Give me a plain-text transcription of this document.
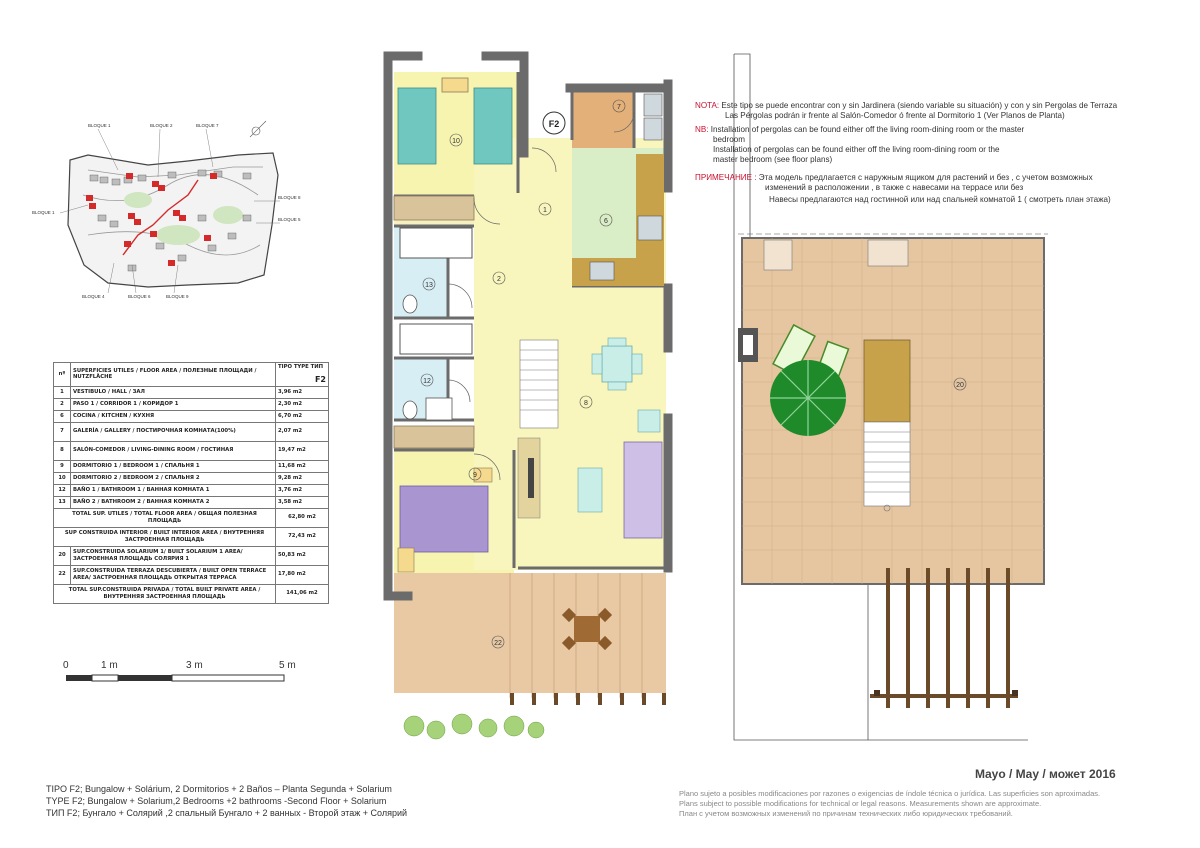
BLOQUE 1	BLOQUE 2	BLOQUE 7
BLOQUE 1
BLOQUE 8
BLOQUE 5
BLOQUE 4	BLOQUE 6	BLOQUE 9
nº	SUPERFICIES UTILES / FLOOR AREA / ПОЛЕЗНЫЕ ПЛОЩАДИ / NUTZFLÄCHE	TIPO TYPE ТИП
F2

1	VESTIBULO / HALL / ЗАЛ	3,96 m2
2	PASO 1 / CORRIDOR 1 / КОРИДОР 1	2,30 m2
6	COCINA / KITCHEN / КУХНЯ	6,70 m2
7	GALERÍA / GALLERY / ПОСТИРОЧНАЯ КОМНАТА(100%)	2,07 m2
8	SALÓN-COMEDOR / LIVING-DINING ROOM / ГОСТИНАЯ	19,47 m2
9	DORMITORIO 1 / BEDROOM 1 / СПАЛЬНЯ 1	11,68 m2
10	DORMITORIO 2 / BEDROOM 2 / СПАЛЬНЯ 2	9,28 m2
12	BAÑO 1 / BATHROOM 1 / ВАННАЯ КОМНАТА 1	3,76 m2
13	BAÑO 2 / BATHROOM 2 / ВАННАЯ КОМНАТА 2	3,58 m2
TOTAL SUP. UTILES / TOTAL FLOOR AREA / ОБЩАЯ ПОЛЕЗНАЯ ПЛОЩАДЬ		62,80 m2
SUP CONSTRUIDA INTERIOR / BUILT INTERIOR AREA / ВНУТРЕННЯЯ ЗАСТРОЕННАЯ ПЛОЩАДЬ		72,43 m2
20	SUP.CONSTRUIDA SOLARIUM 1/ BUILT SOLARIUM 1 AREA/ ЗАСТРОЕННАЯ ПЛОЩАДЬ СОЛЯРИЯ 1	50,83 m2
22	SUP.CONSTRUIDA TERRAZA DESCUBIERTA / BUILT OPEN TERRACE AREA/ ЗАСТРОЕННАЯ ПЛОЩАДЬ ОТКРЫТАЯ ТЕРРАСА	17,80 m2
TOTAL SUP.CONSTRUIDA PRIVADA / TOTAL BUILT PRIVATE AREA / ВНУТРЕННЯЯ ЗАСТРОЕННАЯ ПЛОЩАДЬ		141,06 m2
0	1 m	3 m	5 m
F2
1
2
6
7
8
9
10
12
13
22
20
NOTA: Este tipo se puede encontrar con y sin Jardinera (siendo variable su situación) y con y sin Pergolas de Terraza
Las Pérgolas podrán ir frente al Salón-Comedor ó frente al Dormitorio 1 (Ver Planos de Planta)
NB: Installation of pergolas can be found either off the living room-dining room or the master
bedroom
Installation of pergolas can be found either off the living room-dining room or the
master bedroom (see floor plans)
ПРИМЕЧАНИЕ : Эта модель предлагается с наружным ящиком для растений и без , с учетом возможных
изменений в расположении , в также с навесами на террасе или без
Навесы предлагаются над гостинной или над спальней комнатой 1 ( смотреть план этажа)
TIPO F2; Bungalow + Solárium, 2 Dormitorios + 2 Baños – Planta Segunda + Solarium
TYPE F2; Bungalow + Solarium,2 Bedrooms +2 bathrooms -Second Floor + Solarium
ТИП F2; Бунгало + Солярий ,2 спальный Бунгало + 2 ванных - Второй этаж + Солярий
Mayo / May / может 2016
Plano sujeto a posibles modificaciones por razones o exigencias de índole técnica o jurídica. Las superficies son aproximadas.
Plans subject to possible modifications for technical or legal reasons. Measurements shown are approximate.
План с учетом возможных изменений по причинам технических либо юридических требований.
